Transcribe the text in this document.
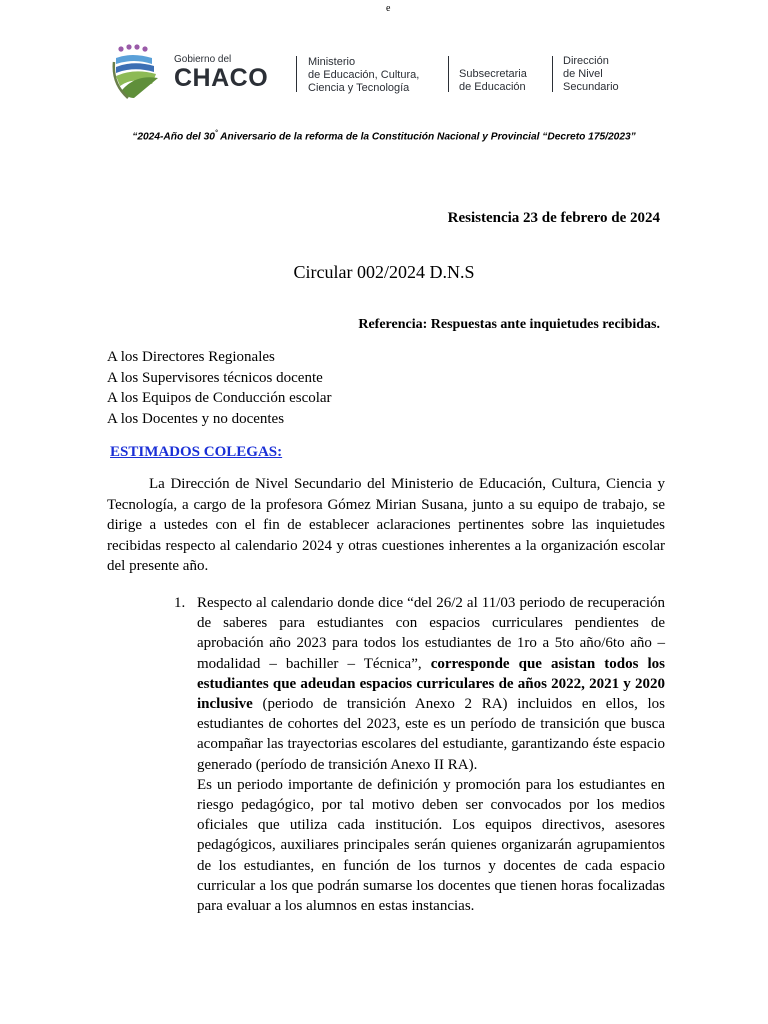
e
Gobierno del
CHACO
Ministerio
de Educación, Cultura,
Ciencia y Tecnología
Subsecretaria
de Educación
Dirección
de Nivel
Secundario
“2024-Año del 30° Aniversario de la reforma de la Constitución Nacional y Provincial “Decreto 175/2023”
Resistencia 23 de febrero de 2024
Circular 002/2024 D.N.S
Referencia: Respuestas ante inquietudes recibidas.
A los Directores Regionales
A los Supervisores técnicos docente
A los Equipos de Conducción escolar
A los Docentes y no docentes
ESTIMADOS COLEGAS:

La Dirección de Nivel Secundario del Ministerio de Educación, Cultura, Ciencia y Tecnología, a cargo de la profesora Gómez Mirian Susana, junto a su equipo de trabajo, se dirige a ustedes con el fin de establecer aclaraciones pertinentes sobre las inquietudes recibidas respecto al calendario 2024 y otras cuestiones inherentes a la organización escolar del presente año.

1. Respecto al calendario donde dice “del 26/2 al 11/03 periodo de recuperación de saberes para estudiantes con espacios curriculares pendientes de aprobación año 2023 para todos los estudiantes de 1ro a 5to año/6to año – modalidad – bachiller – Técnica”, corresponde que asistan todos los estudiantes que adeudan espacios curriculares de años 2022, 2021 y 2020 inclusive (periodo de transición Anexo 2 RA) incluidos en ellos, los estudiantes de cohortes del 2023, este es un período de transición que busca acompañar las trayectorias escolares del estudiante, garantizando éste espacio generado (período de transición Anexo II RA).

Es un periodo importante de definición y promoción para los estudiantes en riesgo pedagógico, por tal motivo deben ser convocados por los medios oficiales que utiliza cada institución. Los equipos directivos, asesores pedagógicos, auxiliares principales serán quienes organizarán agrupamientos de los estudiantes, en función de los turnos y docentes de cada espacio curricular a los que podrán sumarse los docentes que tienen horas focalizadas para evaluar a los alumnos en estas instancias.
